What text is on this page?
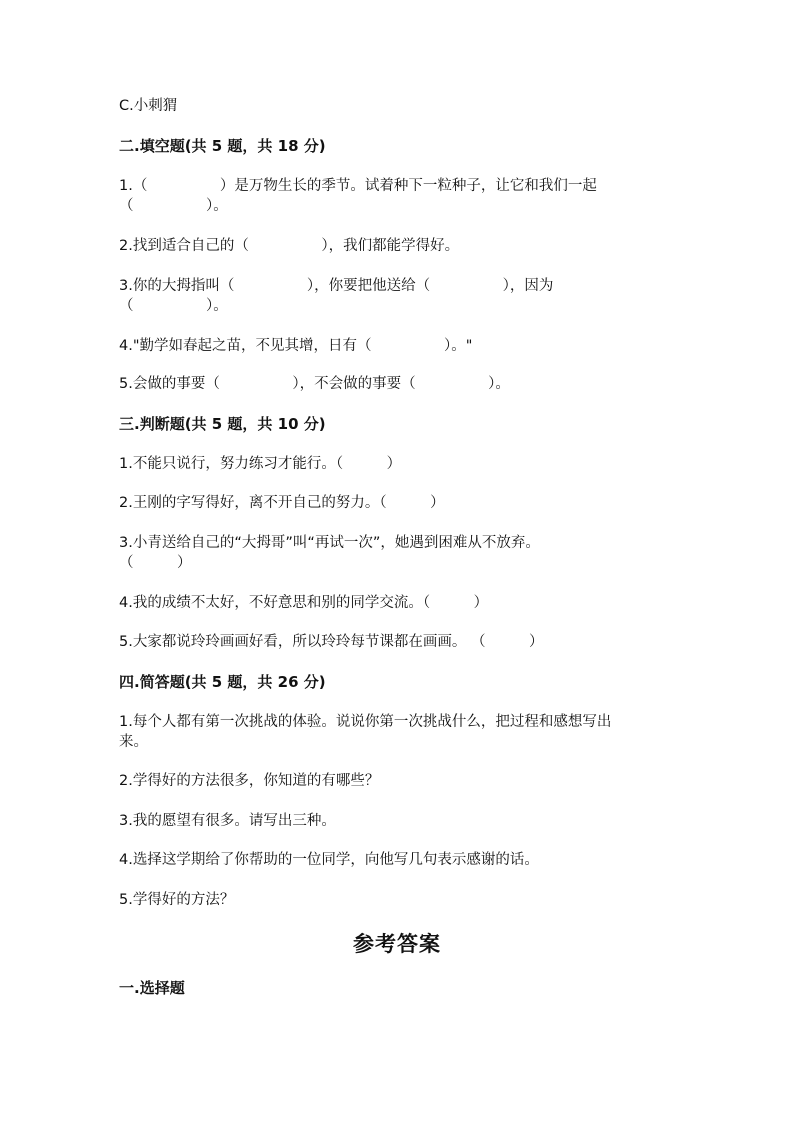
C.小刺猬
二.填空题(共 5 题，共 18 分)
1.（　　　　　）是万物生长的季节。试着种下一粒种子，让它和我们一起
（　　　　　）。
2.找到适合自己的（　　　　　），我们都能学得好。
3.你的大拇指叫（　　　　　），你要把他送给（　　　　　），因为
（　　　　　）。
4."勤学如春起之苗，不见其增，日有（　　　　　）。"
5.会做的事要（　　　　　），不会做的事要（　　　　　）。
三.判断题(共 5 题，共 10 分)
1.不能只说行，努力练习才能行。（　　　）
2.王刚的字写得好，离不开自己的努力。（　　　）
3.小青送给自己的“大拇哥”叫“再试一次”，她遇到困难从不放弃。
（　　　）
4.我的成绩不太好，不好意思和别的同学交流。（　　　）
5.大家都说玲玲画画好看，所以玲玲每节课都在画画。 （　　　）
四.简答题(共 5 题，共 26 分)
1.每个人都有第一次挑战的体验。说说你第一次挑战什么，把过程和感想写出
来。
2.学得好的方法很多，你知道的有哪些？
3.我的愿望有很多。请写出三种。
4.选择这学期给了你帮助的一位同学，向他写几句表示感谢的话。
5.学得好的方法？
参考答案
一.选择题
